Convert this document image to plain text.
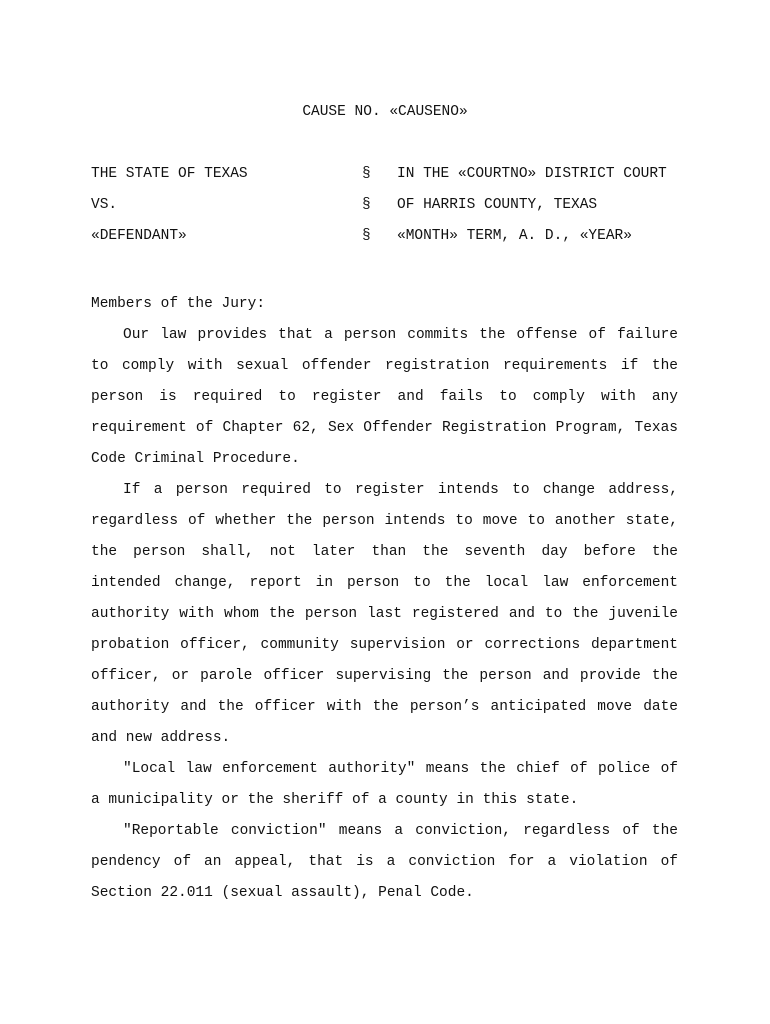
CAUSE NO. «CAUSENO»
THE STATE OF TEXAS	§ IN THE «COURTNO» DISTRICT COURT
VS.	§ OF HARRIS COUNTY, TEXAS
«DEFENDANT»	§ «MONTH» TERM, A. D., «YEAR»

Members of the Jury:

Our law provides that a person commits the offense of failure to comply with sexual offender registration requirements if the person is required to register and fails to comply with any requirement of Chapter 62, Sex Offender Registration Program, Texas Code Criminal Procedure.

If a person required to register intends to change address, regardless of whether the person intends to move to another state, the person shall, not later than the seventh day before the intended change, report in person to the local law enforcement authority with whom the person last registered and to the juvenile probation officer, community supervision or corrections department officer, or parole officer supervising the person and provide the authority and the officer with the person’s anticipated move date and new address.

"Local law enforcement authority" means the chief of police of a municipality or the sheriff of a county in this state.

"Reportable conviction" means a conviction, regardless of the pendency of an appeal, that is a conviction for a violation of Section 22.011 (sexual assault), Penal Code.
